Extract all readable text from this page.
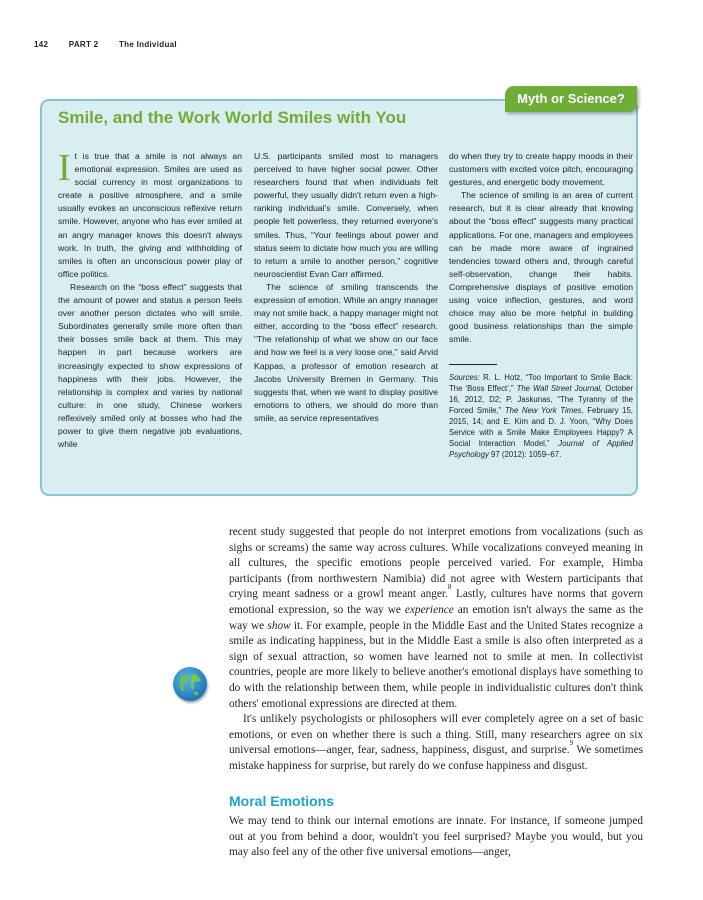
142	PART 2	The Individual
Myth or Science?
Smile, and the Work World Smiles with You

It is true that a smile is not always an emotional expression. Smiles are used as social currency in most organizations to create a positive atmosphere, and a smile usually evokes an unconscious reflexive return smile. However, anyone who has ever smiled at an angry manager knows this doesn't always work. In truth, the giving and withholding of smiles is often an unconscious power play of office politics.

Research on the “boss effect” suggests that the amount of power and status a person feels over another person dictates who will smile. Subordinates generally smile more often than their bosses smile back at them. This may happen in part because workers are increasingly expected to show expressions of happiness with their jobs. However, the relationship is complex and varies by national culture: in one study, Chinese workers reflexively smiled only at bosses who had the power to give them negative job evaluations, while

U.S. participants smiled most to managers perceived to have higher social power. Other researchers found that when individuals felt powerful, they usually didn't return even a high-ranking individual's smile. Conversely, when people felt powerless, they returned everyone's smiles. Thus, “Your feelings about power and status seem to dictate how much you are willing to return a smile to another person,” cognitive neuroscientist Evan Carr affirmed.

The science of smiling transcends the expression of emotion. While an angry manager may not smile back, a happy manager might not either, according to the “boss effect” research. “The relationship of what we show on our face and how we feel is a very loose one,” said Arvid Kappas, a professor of emotion research at Jacobs University Bremen in Germany. This suggests that, when we want to display positive emotions to others, we should do more than smile, as service representatives

do when they try to create happy moods in their customers with excited voice pitch, encouraging gestures, and energetic body movement.

The science of smiling is an area of current research, but it is clear already that knowing about the “boss effect” suggests many practical applications. For one, managers and employees can be made more aware of ingrained tendencies toward others and, through careful self-observation, change their habits. Comprehensive displays of positive emotion using voice inflection, gestures, and word choice may also be more helpful in building good business relationships than the simple smile.

Sources: R. L. Hotz, “Too Important to Smile Back: The ‘Boss Effect’,” The Wall Street Journal, October 16, 2012, D2; P. Jaskunas, “The Tyranny of the Forced Smile,” The New York Times, February 15, 2015, 14; and E. Kim and D. J. Yoon, “Why Does Service with a Smile Make Employees Happy? A Social Interaction Model,” Journal of Applied Psychology 97 (2012): 1059–67.

recent study suggested that people do not interpret emotions from vocalizations (such as sighs or screams) the same way across cultures. While vocalizations conveyed meaning in all cultures, the specific emotions people perceived varied. For example, Himba participants (from northwestern Namibia) did not agree with Western participants that crying meant sadness or a growl meant anger.$^8$ Lastly, cultures have norms that govern emotional expression, so the way we experience an emotion isn't always the same as the way we show it. For example, people in the Middle East and the United States recognize a smile as indicating happiness, but in the Middle East a smile is also often interpreted as a sign of sexual attraction, so women have learned not to smile at men. In collectivist countries, people are more likely to believe another's emotional displays have something to do with the relationship between them, while people in individualistic cultures don't think others' emotional expressions are directed at them.

It's unlikely psychologists or philosophers will ever completely agree on a set of basic emotions, or even on whether there is such a thing. Still, many researchers agree on six universal emotions—anger, fear, sadness, happiness, disgust, and surprise.$^9$ We sometimes mistake happiness for surprise, but rarely do we confuse happiness and disgust.

Moral Emotions

We may tend to think our internal emotions are innate. For instance, if someone jumped out at you from behind a door, wouldn't you feel surprised? Maybe you would, but you may also feel any of the other five universal emotions—anger,
